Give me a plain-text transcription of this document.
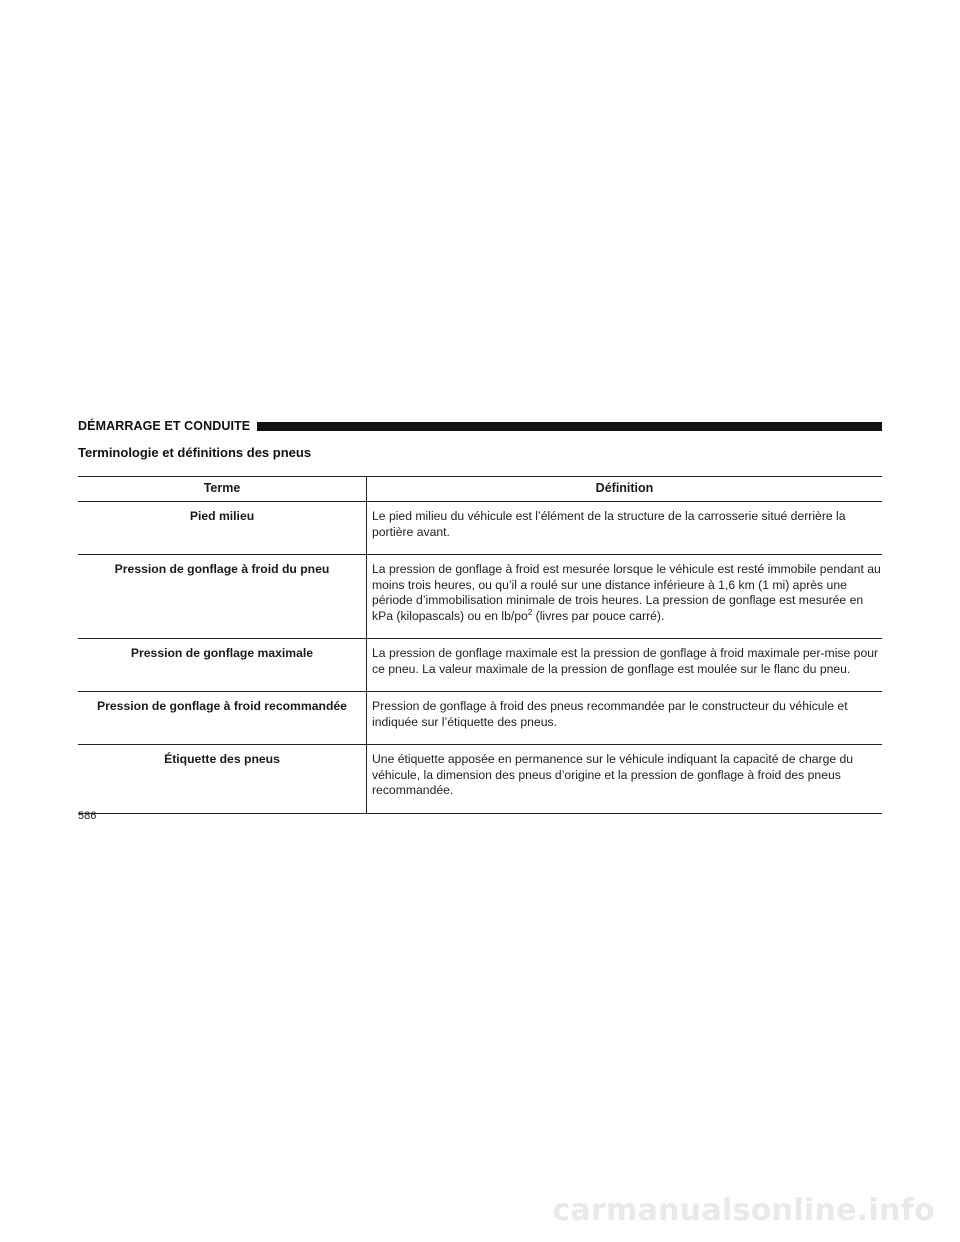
DÉMARRAGE ET CONDUITE
Terminologie et définitions des pneus
Terme	Définition
Pied milieu	Le pied milieu du véhicule est l’élément de la structure de la carrosserie situé derrière la portière avant.
Pression de gonflage à froid du pneu	La pression de gonflage à froid est mesurée lorsque le véhicule est resté immobile pendant au moins trois heures, ou qu’il a roulé sur une distance inférieure à 1,6 km (1 mi) après une période d’immobilisation minimale de trois heures. La pression de gonflage est mesurée en kPa (kilopascals) ou en $lb/po^2$ (livres par pouce carré).
Pression de gonflage maximale	La pression de gonflage maximale est la pression de gonflage à froid maximale per-mise pour ce pneu. La valeur maximale de la pression de gonflage est moulée sur le flanc du pneu.
Pression de gonflage à froid recommandée	Pression de gonflage à froid des pneus recommandée par le constructeur du véhicule et indiquée sur l’étiquette des pneus.
Étiquette des pneus	Une étiquette apposée en permanence sur le véhicule indiquant la capacité de charge du véhicule, la dimension des pneus d’origine et la pression de gonflage à froid des pneus recommandée.
586
carmanualsonline.info
